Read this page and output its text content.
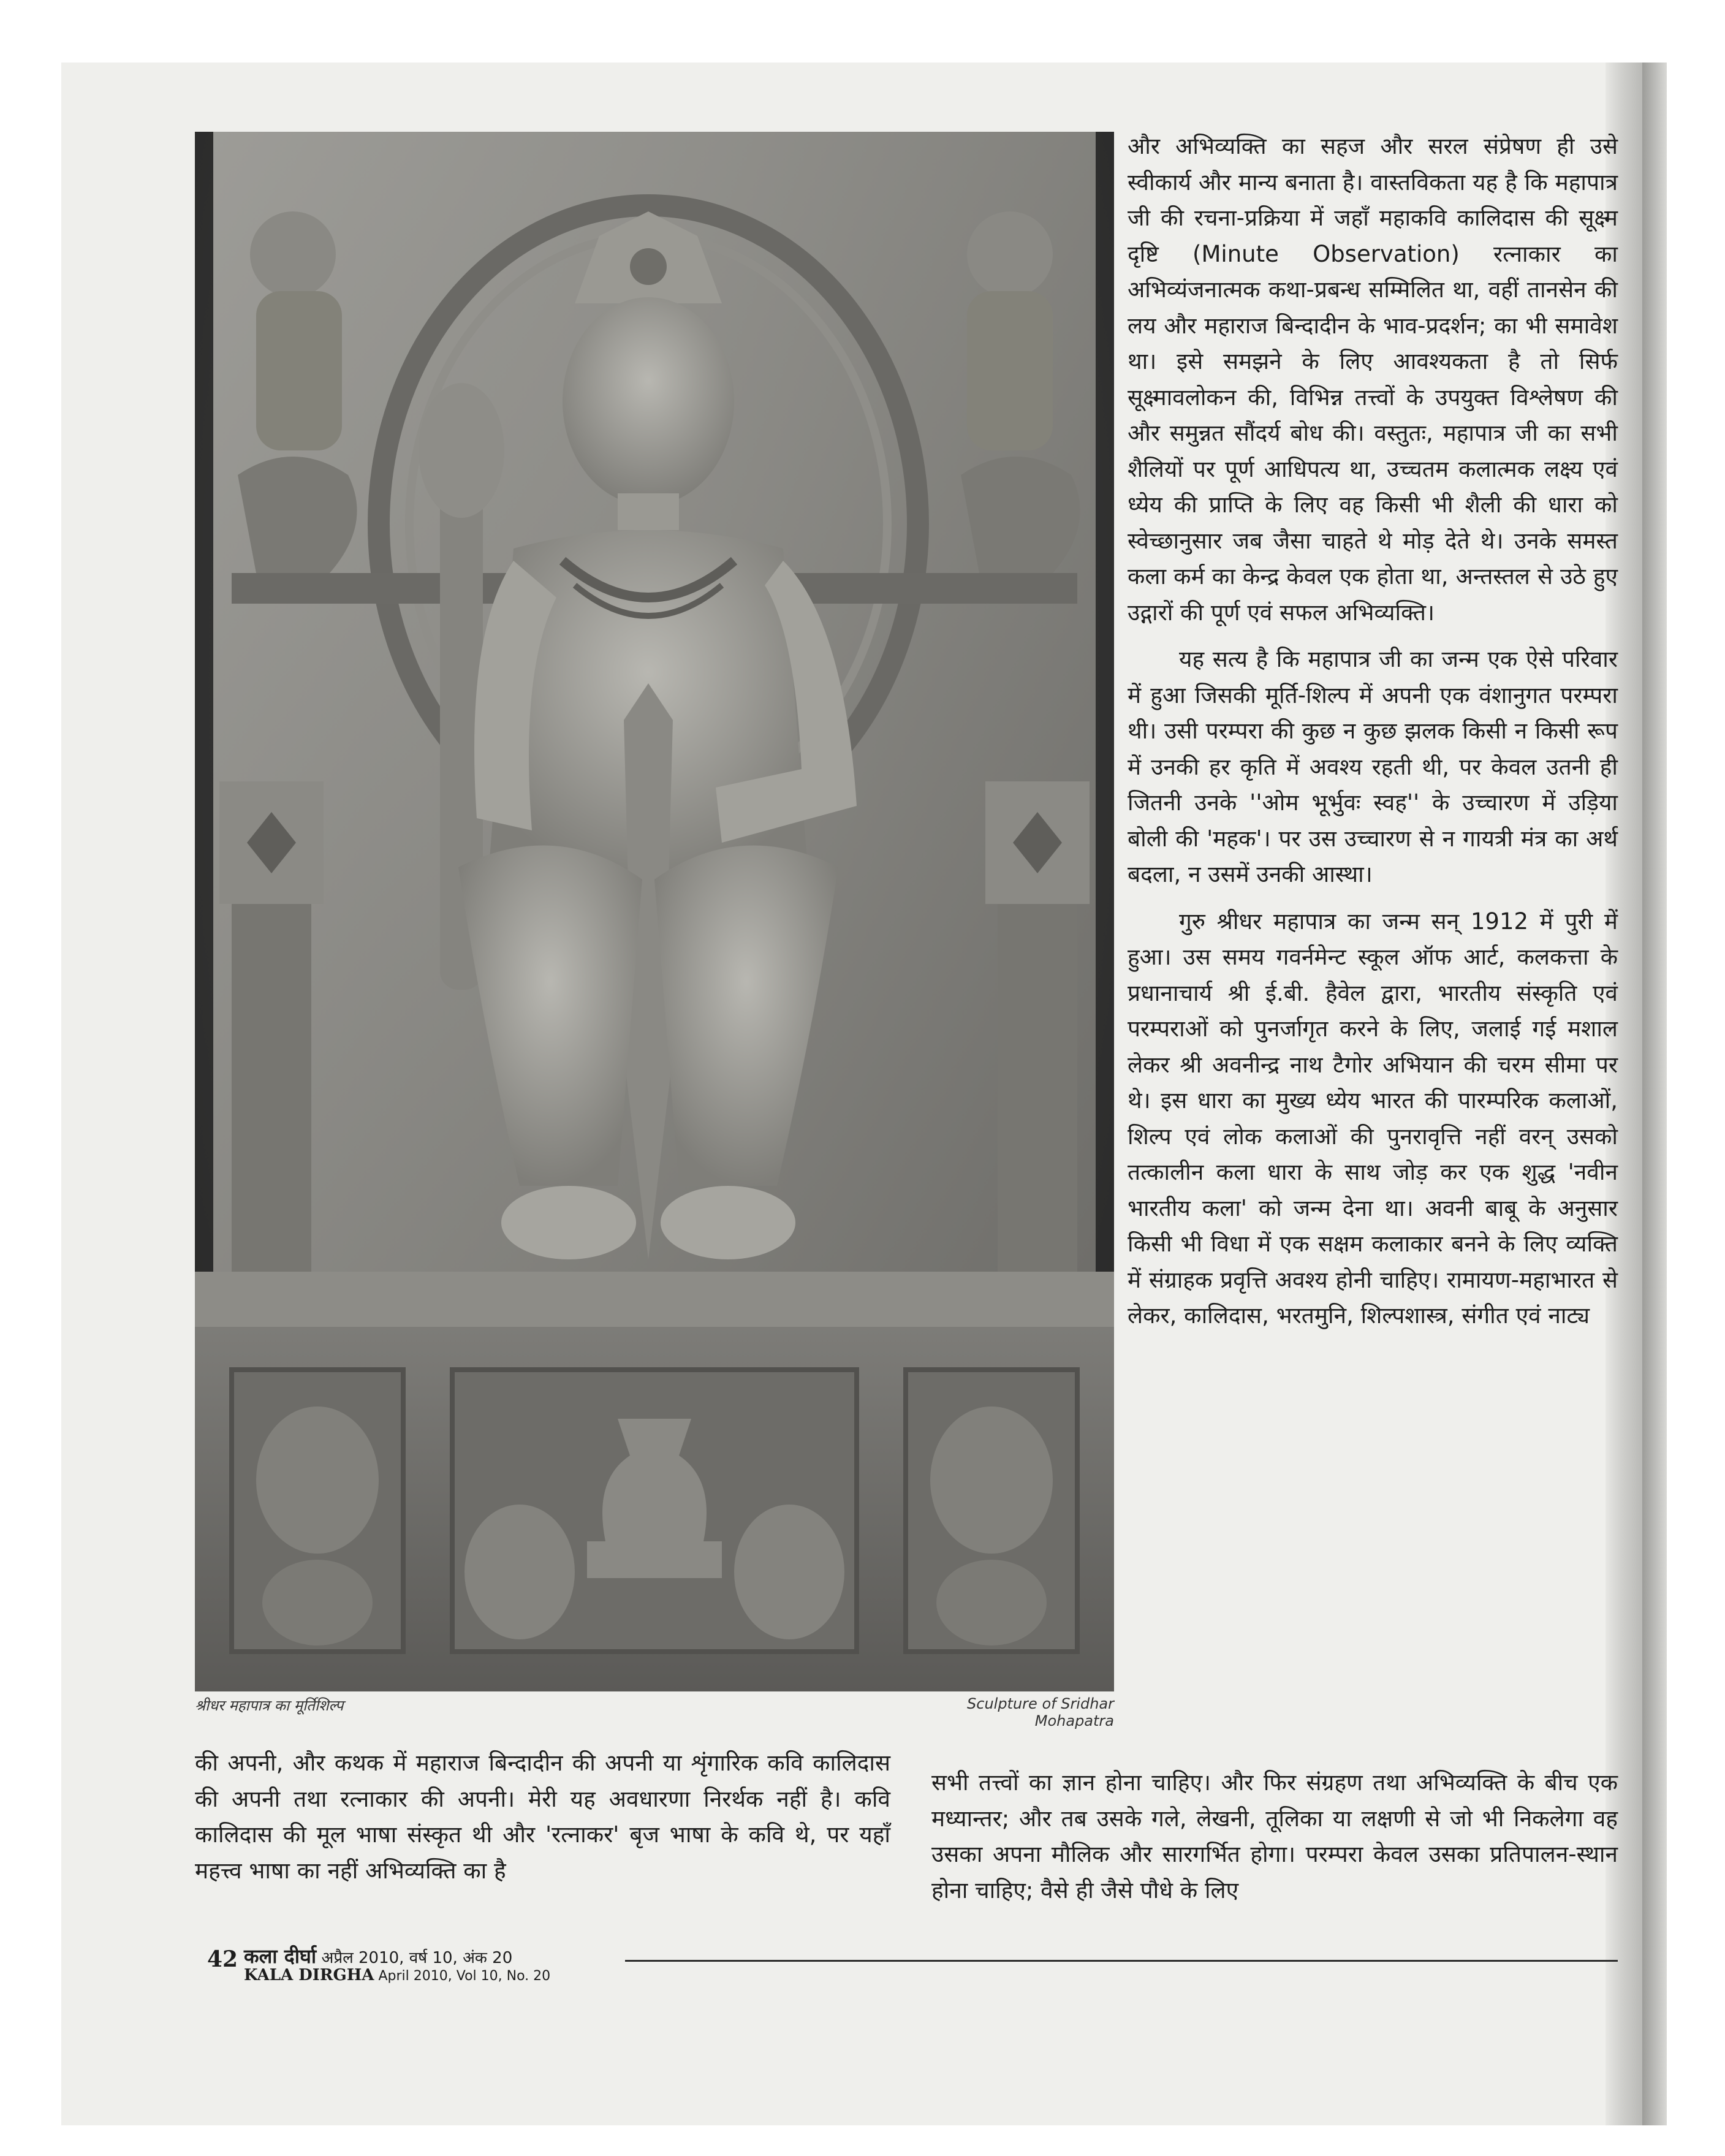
श्रीधर महापात्र का मूर्तिशिल्प	Sculpture of Sridhar Mohapatra

और अभिव्यक्ति का सहज और सरल संप्रेषण ही उसे स्वीकार्य और मान्य बनाता है। वास्तविकता यह है कि महापात्र जी की रचना-प्रक्रिया में जहाँ महाकवि कालिदास की सूक्ष्म दृष्टि (Minute Observation) रत्नाकार का अभिव्यंजनात्मक कथा-प्रबन्ध सम्मिलित था, वहीं तानसेन की लय और महाराज बिन्दादीन के भाव-प्रदर्शन; का भी समावेश था। इसे समझने के लिए आवश्यकता है तो सिर्फ सूक्ष्मावलोकन की, विभिन्न तत्त्वों के उपयुक्त विश्लेषण की और समुन्नत सौंदर्य बोध की। वस्तुतः, महापात्र जी का सभी शैलियों पर पूर्ण आधिपत्य था, उच्चतम कलात्मक लक्ष्य एवं ध्येय की प्राप्ति के लिए वह किसी भी शैली की धारा को स्वेच्छानुसार जब जैसा चाहते थे मोड़ देते थे। उनके समस्त कला कर्म का केन्द्र केवल एक होता था, अन्तस्तल से उठे हुए उद्गारों की पूर्ण एवं सफल अभिव्यक्ति।

यह सत्य है कि महापात्र जी का जन्म एक ऐसे परिवार में हुआ जिसकी मूर्ति-शिल्प में अपनी एक वंशानुगत परम्परा थी। उसी परम्परा की कुछ न कुछ झलक किसी न किसी रूप में उनकी हर कृति में अवश्य रहती थी, पर केवल उतनी ही जितनी उनके ''ओम भूर्भुवः स्वह'' के उच्चारण में उड़िया बोली की 'महक'। पर उस उच्चारण से न गायत्री मंत्र का अर्थ बदला, न उसमें उनकी आस्था।

गुरु श्रीधर महापात्र का जन्म सन् 1912 में पुरी में हुआ। उस समय गवर्नमेन्ट स्कूल ऑफ आर्ट, कलकत्ता के प्रधानाचार्य श्री ई.बी. हैवेल द्वारा, भारतीय संस्कृति एवं परम्पराओं को पुनर्जागृत करने के लिए, जलाई गई मशाल लेकर श्री अवनीन्द्र नाथ टैगोर अभियान की चरम सीमा पर थे। इस धारा का मुख्य ध्येय भारत की पारम्परिक कलाओं, शिल्प एवं लोक कलाओं की पुनरावृत्ति नहीं वरन् उसको तत्कालीन कला धारा के साथ जोड़ कर एक शुद्ध 'नवीन भारतीय कला' को जन्म देना था। अवनी बाबू के अनुसार किसी भी विधा में एक सक्षम कलाकार बनने के लिए व्यक्ति में संग्राहक प्रवृत्ति अवश्य होनी चाहिए। रामायण-महाभारत से लेकर, कालिदास, भरतमुनि, शिल्पशास्त्र, संगीत एवं नाट्य

की अपनी, और कथक में महाराज बिन्दादीन की अपनी या शृंगारिक कवि कालिदास की अपनी तथा रत्नाकार की अपनी। मेरी यह अवधारणा निरर्थक नहीं है। कवि कालिदास की मूल भाषा संस्कृत थी और 'रत्नाकर' बृज भाषा के कवि थे, पर यहाँ महत्त्व भाषा का नहीं अभिव्यक्ति का है

सभी तत्त्वों का ज्ञान होना चाहिए। और फिर संग्रहण तथा अभिव्यक्ति के बीच एक मध्यान्तर; और तब उसके गले, लेखनी, तूलिका या लक्षणी से जो भी निकलेगा वह उसका अपना मौलिक और सारगर्भित होगा। परम्परा केवल उसका प्रतिपालन-स्थान होना चाहिए; वैसे ही जैसे पौधे के लिए

42 कला दीर्घा अप्रैल 2010, वर्ष 10, अंक 20
KALA DIRGHA April 2010, Vol 10, No. 20
